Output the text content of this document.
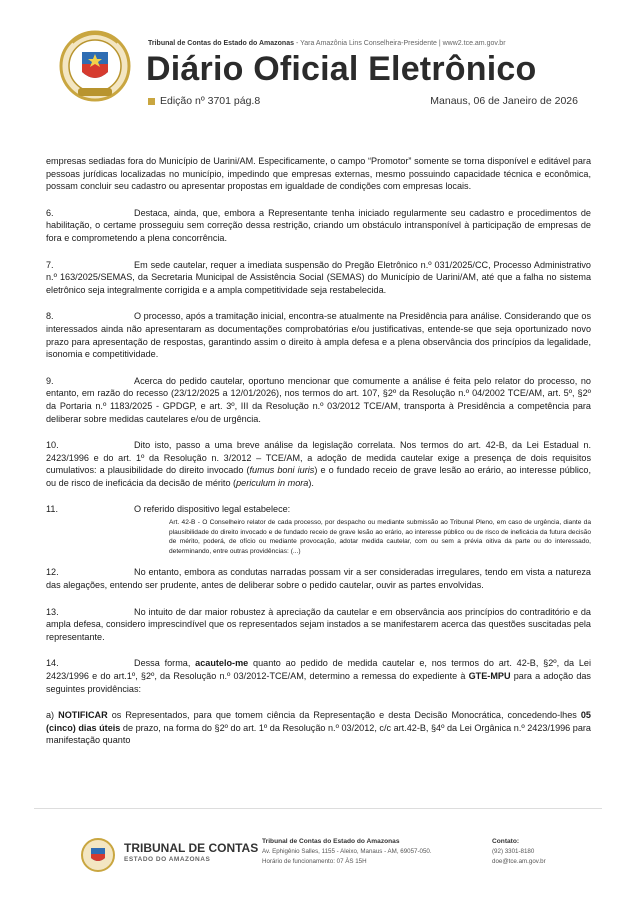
Tribunal de Contas do Estado do Amazonas - Yara Amazônia Lins Conselheira-Presidente | www2.tce.am.gov.br
Diário Oficial Eletrônico
Edição nº 3701 pág.8	Manaus, 06 de Janeiro de 2026

empresas sediadas fora do Município de Uarini/AM. Especificamente, o campo “Promotor” somente se torna disponível e editável para pessoas jurídicas localizadas no município, impedindo que empresas externas, mesmo possuindo capacidade técnica e econômica, possam concluir seu cadastro ou apresentar propostas em igualdade de condições com empresas locais.

6.	Destaca, ainda, que, embora a Representante tenha iniciado regularmente seu cadastro e procedimentos de habilitação, o certame prosseguiu sem correção dessa restrição, criando um obstáculo intransponível à participação de empresas de fora e comprometendo a plena concorrência.

7.	Em sede cautelar, requer a imediata suspensão do Pregão Eletrônico n.º 031/2025/CC, Processo Administrativo n.º 163/2025/SEMAS, da Secretaria Municipal de Assistência Social (SEMAS) do Município de Uarini/AM, até que a falha no sistema eletrônico seja integralmente corrigida e a ampla competitividade seja restabelecida.

8.	O processo, após a tramitação inicial, encontra-se atualmente na Presidência para análise. Considerando que os interessados ainda não apresentaram as documentações comprobatórias e/ou justificativas, entende-se que seja oportunizado novo prazo para apresentação de respostas, garantindo assim o direito à ampla defesa e a plena observância dos princípios da legalidade, isonomia e competitividade.

9.	Acerca do pedido cautelar, oportuno mencionar que comumente a análise é feita pelo relator do processo, no entanto, em razão do recesso (23/12/2025 a 12/01/2026), nos termos do art. 107, §2º da Resolução n.º 04/2002 TCE/AM, art. 5º, §2º da Portaria n.º 1183/2025 - GPDGP, e art. 3º, III da Resolução n.º 03/2012 TCE/AM, transporta à Presidência a competência para deliberar sobre medidas cautelares e/ou de urgência.

10.	Dito isto, passo a uma breve análise da legislação correlata. Nos termos do art. 42-B, da Lei Estadual n. 2423/1996 e do art. 1º da Resolução n. 3/2012 – TCE/AM, a adoção de medida cautelar exige a presença de dois requisitos cumulativos: a plausibilidade do direito invocado (fumus boni iuris) e o fundado receio de grave lesão ao erário, ao interesse público, ou de risco de ineficácia da decisão de mérito (periculum in mora).

11.	O referido dispositivo legal estabelece:

Art. 42-B - O Conselheiro relator de cada processo, por despacho ou mediante submissão ao Tribunal Pleno, em caso de urgência, diante da plausibilidade do direito invocado e de fundado receio de grave lesão ao erário, ao interesse público ou de risco de ineficácia da futura decisão de mérito, poderá, de ofício ou mediante provocação, adotar medida cautelar, com ou sem a prévia oitiva da parte ou do interessado, determinando, entre outras providências: (...)

12.	No entanto, embora as condutas narradas possam vir a ser consideradas irregulares, tendo em vista a natureza das alegações, entendo ser prudente, antes de deliberar sobre o pedido cautelar, ouvir as partes envolvidas.

13.	No intuito de dar maior robustez à apreciação da cautelar e em observância aos princípios do contraditório e da ampla defesa, considero imprescindível que os representados sejam instados a se manifestarem acerca das questões suscitadas pela representante.

14.	Dessa forma, acautelo-me quanto ao pedido de medida cautelar e, nos termos do art. 42-B, §2º, da Lei 2423/1996 e do art.1º, §2º, da Resolução n.º 03/2012-TCE/AM, determino a remessa do expediente à GTE-MPU para a adoção das seguintes providências:

a) NOTIFICAR os Representados, para que tomem ciência da Representação e desta Decisão Monocrática, concedendo-lhes 05 (cinco) dias úteis de prazo, na forma do §2º do art. 1º da Resolução n.º 03/2012, c/c art.42-B, §4º da Lei Orgânica n.º 2423/1996 para manifestação quanto

TRIBUNAL DE CONTAS
ESTADO DO AMAZONAS
Tribunal de Contas do Estado do Amazonas
Av. Ephigênio Salles, 1155 - Aleixo, Manaus - AM, 69057-050.
Horário de funcionamento: 07 ÀS 15H
Contato:
(92) 3301-8180
doe@tce.am.gov.br
